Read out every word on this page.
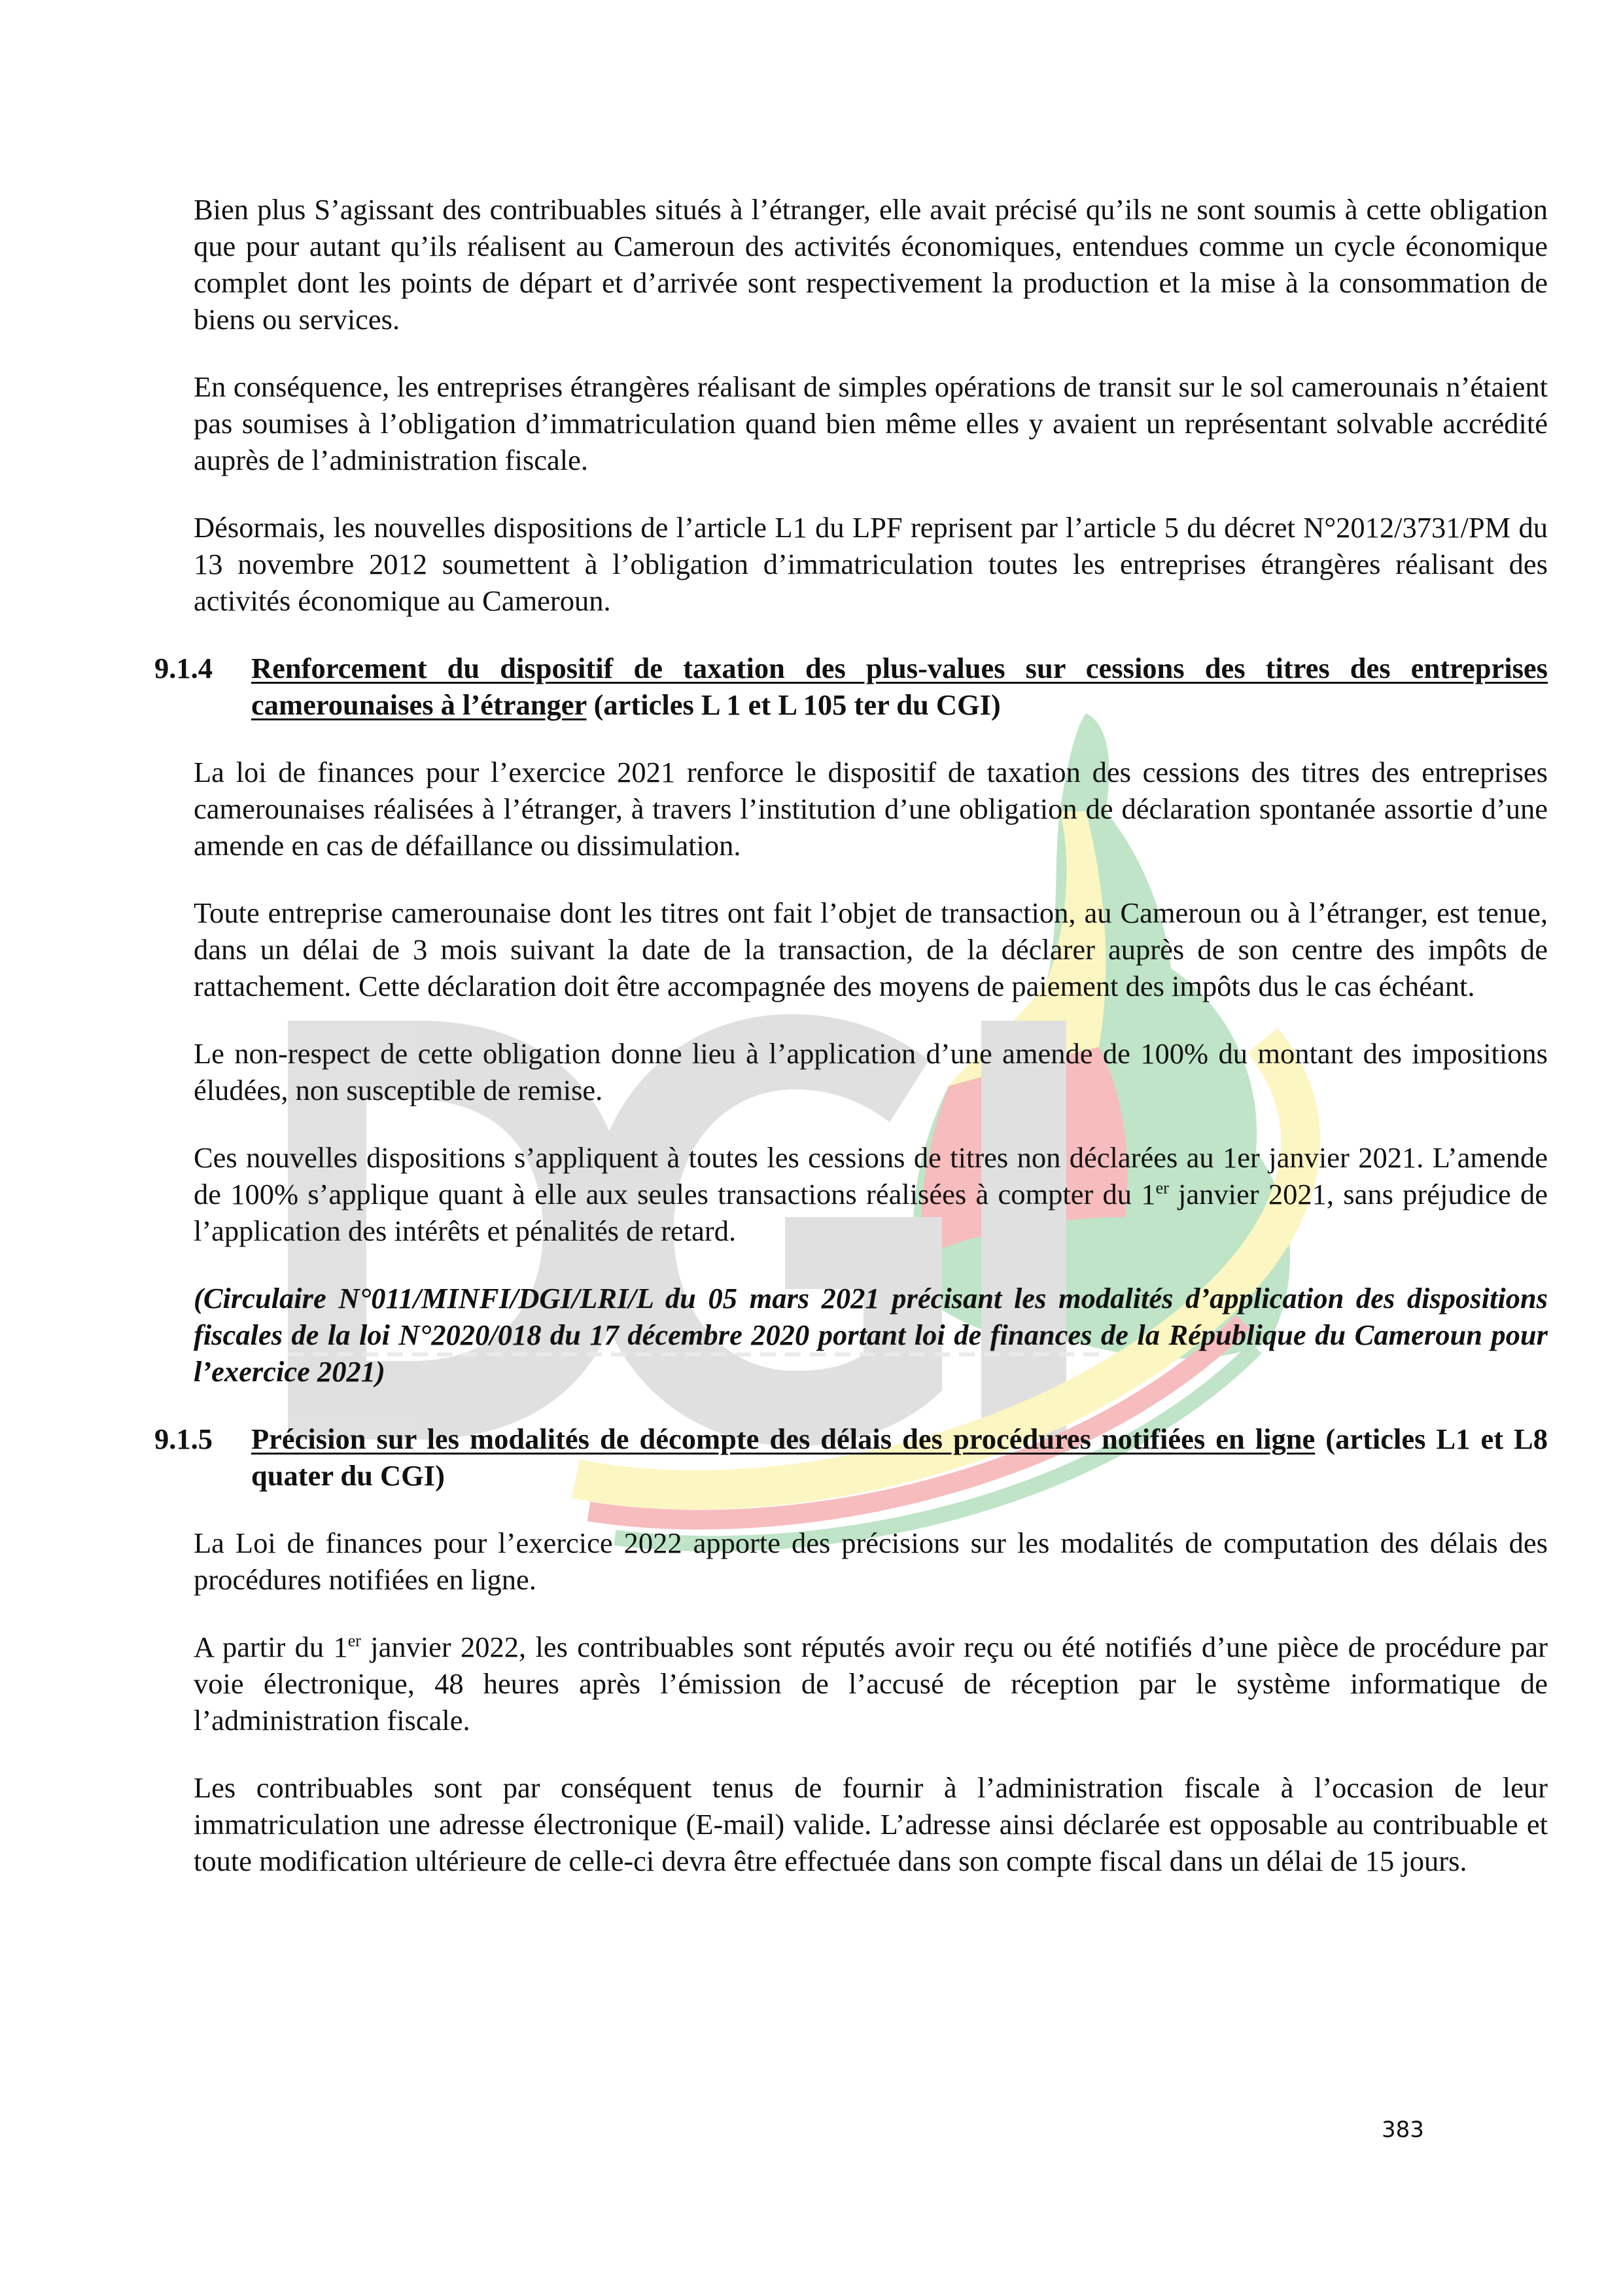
Bien plus S’agissant des contribuables situés à l’étranger, elle avait précisé qu’ils ne sont soumis à cette obligation que pour autant qu’ils réalisent au Cameroun des activités économiques, entendues comme un cycle économique complet dont les points de départ et d’arrivée sont respectivement la production et la mise à la consommation de biens ou services.

En conséquence, les entreprises étrangères réalisant de simples opérations de transit sur le sol camerounais n’étaient pas soumises à l’obligation d’immatriculation quand bien même elles y avaient un représentant solvable accrédité auprès de l’administration fiscale.

Désormais, les nouvelles dispositions de l’article L1 du LPF reprisent par l’article 5 du décret N°2012/3731/PM du 13 novembre 2012 soumettent à l’obligation d’immatriculation toutes les entreprises étrangères réalisant des activités économique au Cameroun.

9.1.4	Renforcement du dispositif de taxation des plus-values sur cessions des titres des entreprises camerounaises à l’étranger (articles L 1 et L 105 ter du CGI)

La loi de finances pour l’exercice 2021 renforce le dispositif de taxation des cessions des titres des entreprises camerounaises réalisées à l’étranger, à travers l’institution d’une obligation de déclaration spontanée assortie d’une amende en cas de défaillance ou dissimulation.

Toute entreprise camerounaise dont les titres ont fait l’objet de transaction, au Cameroun ou à l’étranger, est tenue, dans un délai de 3 mois suivant la date de la transaction, de la déclarer auprès de son centre des impôts de rattachement. Cette déclaration doit être accompagnée des moyens de paiement des impôts dus le cas échéant.

Le non-respect de cette obligation donne lieu à l’application d’une amende de 100% du montant des impositions éludées, non susceptible de remise.

Ces nouvelles dispositions s’appliquent à toutes les cessions de titres non déclarées au 1er janvier 2021. L’amende de 100% s’applique quant à elle aux seules transactions réalisées à compter du 1er janvier 2021, sans préjudice de l’application des intérêts et pénalités de retard.

(Circulaire N°011/MINFI/DGI/LRI/L du 05 mars 2021 précisant les modalités d’application des dispositions fiscales de la loi N°2020/018 du 17 décembre 2020 portant loi de finances de la République du Cameroun pour l’exercice 2021)

9.1.5	Précision sur les modalités de décompte des délais des procédures notifiées en ligne (articles L1 et L8 quater du CGI)

La Loi de finances pour l’exercice 2022 apporte des précisions sur les modalités de computation des délais des procédures notifiées en ligne.

A partir du 1er janvier 2022, les contribuables sont réputés avoir reçu ou été notifiés d’une pièce de procédure par voie électronique, 48 heures après l’émission de l’accusé de réception par le système informatique de l’administration fiscale.

Les contribuables sont par conséquent tenus de fournir à l’administration fiscale à l’occasion de leur immatriculation une adresse électronique (E-mail) valide. L’adresse ainsi déclarée est opposable au contribuable et toute modification ultérieure de celle-ci devra être effectuée dans son compte fiscal dans un délai de 15 jours.

383
